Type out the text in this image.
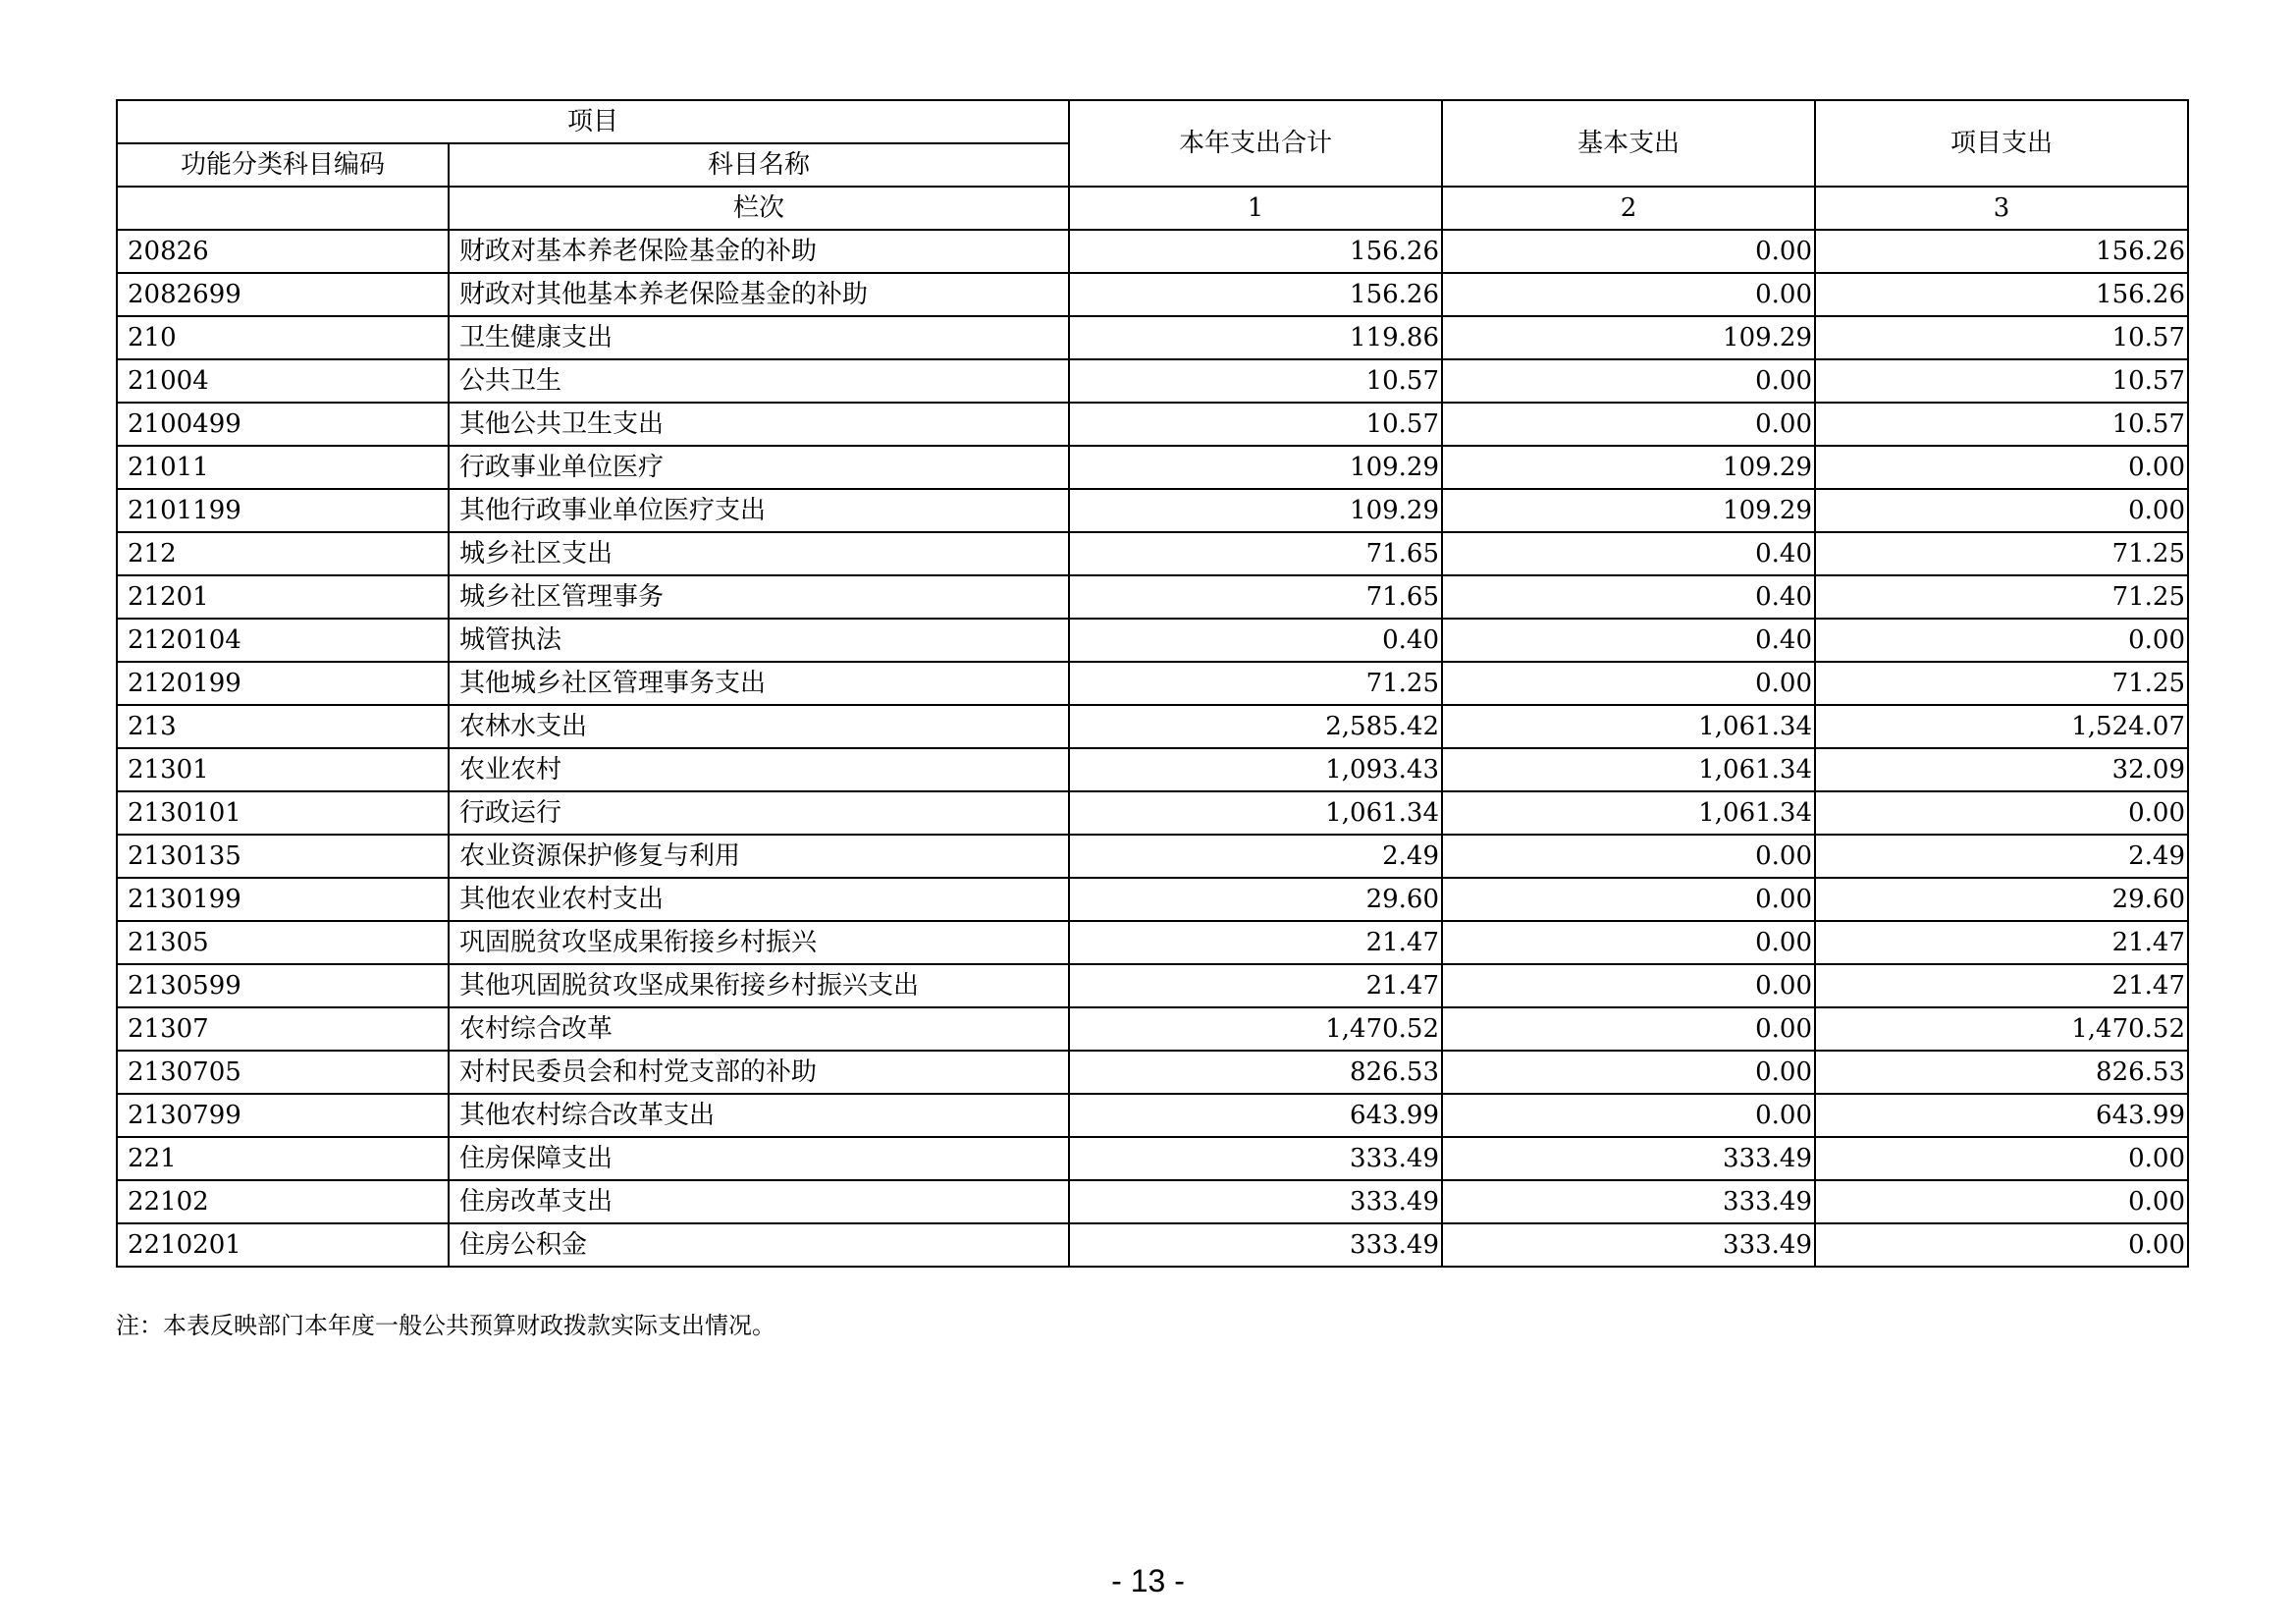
项目		本年支出合计	基本支出	项目支出
功能分类科目编码	科目名称			
	栏次	1	2	3
20826	财政对基本养老保险基金的补助	156.26	0.00	156.26
2082699	财政对其他基本养老保险基金的补助	156.26	0.00	156.26
210	卫生健康支出	119.86	109.29	10.57
21004	公共卫生	10.57	0.00	10.57
2100499	其他公共卫生支出	10.57	0.00	10.57
21011	行政事业单位医疗	109.29	109.29	0.00
2101199	其他行政事业单位医疗支出	109.29	109.29	0.00
212	城乡社区支出	71.65	0.40	71.25
21201	城乡社区管理事务	71.65	0.40	71.25
2120104	城管执法	0.40	0.40	0.00
2120199	其他城乡社区管理事务支出	71.25	0.00	71.25
213	农林水支出	2,585.42	1,061.34	1,524.07
21301	农业农村	1,093.43	1,061.34	32.09
2130101	行政运行	1,061.34	1,061.34	0.00
2130135	农业资源保护修复与利用	2.49	0.00	2.49
2130199	其他农业农村支出	29.60	0.00	29.60
21305	巩固脱贫攻坚成果衔接乡村振兴	21.47	0.00	21.47
2130599	其他巩固脱贫攻坚成果衔接乡村振兴支出	21.47	0.00	21.47
21307	农村综合改革	1,470.52	0.00	1,470.52
2130705	对村民委员会和村党支部的补助	826.53	0.00	826.53
2130799	其他农村综合改革支出	643.99	0.00	643.99
221	住房保障支出	333.49	333.49	0.00
22102	住房改革支出	333.49	333.49	0.00
2210201	住房公积金	333.49	333.49	0.00
注：本表反映部门本年度一般公共预算财政拨款实际支出情况。
- 13 -
